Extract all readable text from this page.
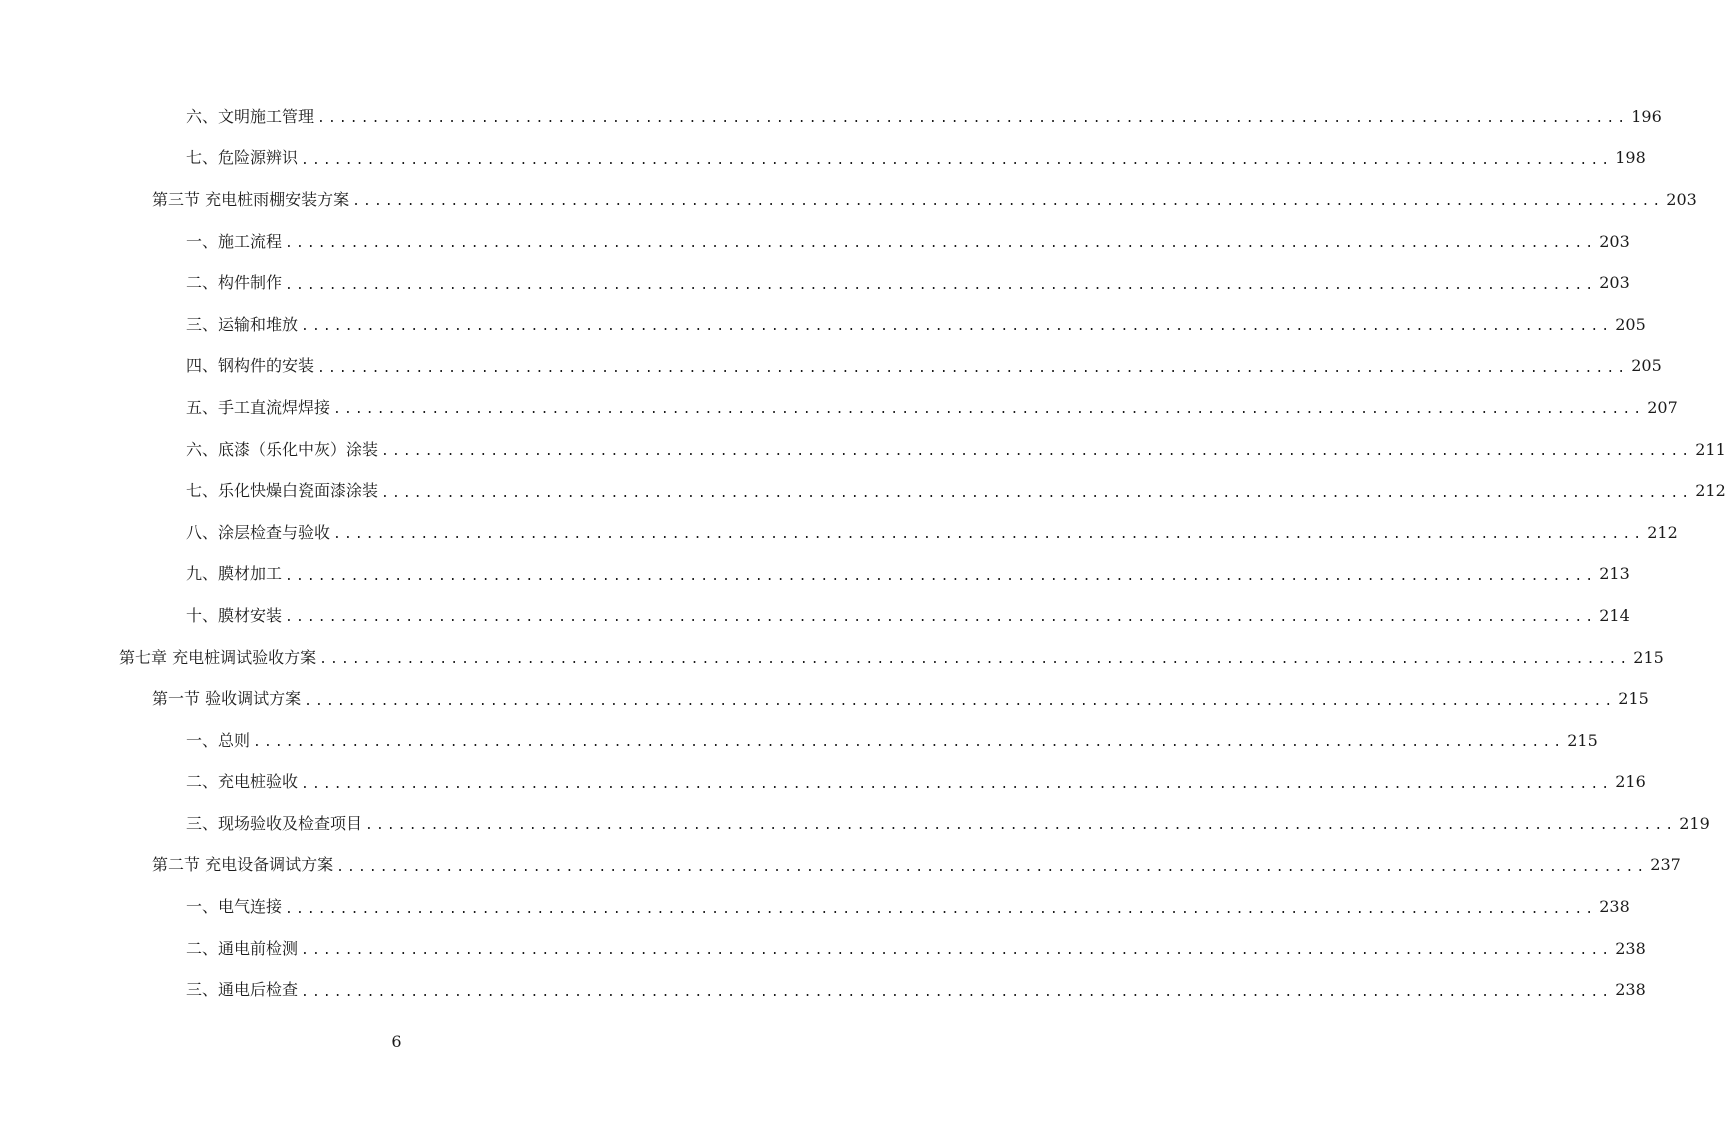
六、文明施工管理 ........................................................................................................................ 196
七、危险源辨识 ........................................................................................................................ 198
第三节 充电桩雨棚安装方案 ........................................................................................................................ 203
一、施工流程 ........................................................................................................................ 203
二、构件制作 ........................................................................................................................ 203
三、运输和堆放 ........................................................................................................................ 205
四、钢构件的安装 ........................................................................................................................ 205
五、手工直流焊焊接 ........................................................................................................................ 207
六、底漆（乐化中灰）涂装 ........................................................................................................................ 211
七、乐化快燥白瓷面漆涂装 ........................................................................................................................ 212
八、涂层检查与验收 ........................................................................................................................ 212
九、膜材加工 ........................................................................................................................ 213
十、膜材安装 ........................................................................................................................ 214
第七章 充电桩调试验收方案 ........................................................................................................................ 215
第一节 验收调试方案 ........................................................................................................................ 215
一、总则 ........................................................................................................................ 215
二、充电桩验收 ........................................................................................................................ 216
三、现场验收及检查项目 ........................................................................................................................ 219
第二节 充电设备调试方案 ........................................................................................................................ 237
一、电气连接 ........................................................................................................................ 238
二、通电前检测 ........................................................................................................................ 238
三、通电后检查 ........................................................................................................................ 238
6
